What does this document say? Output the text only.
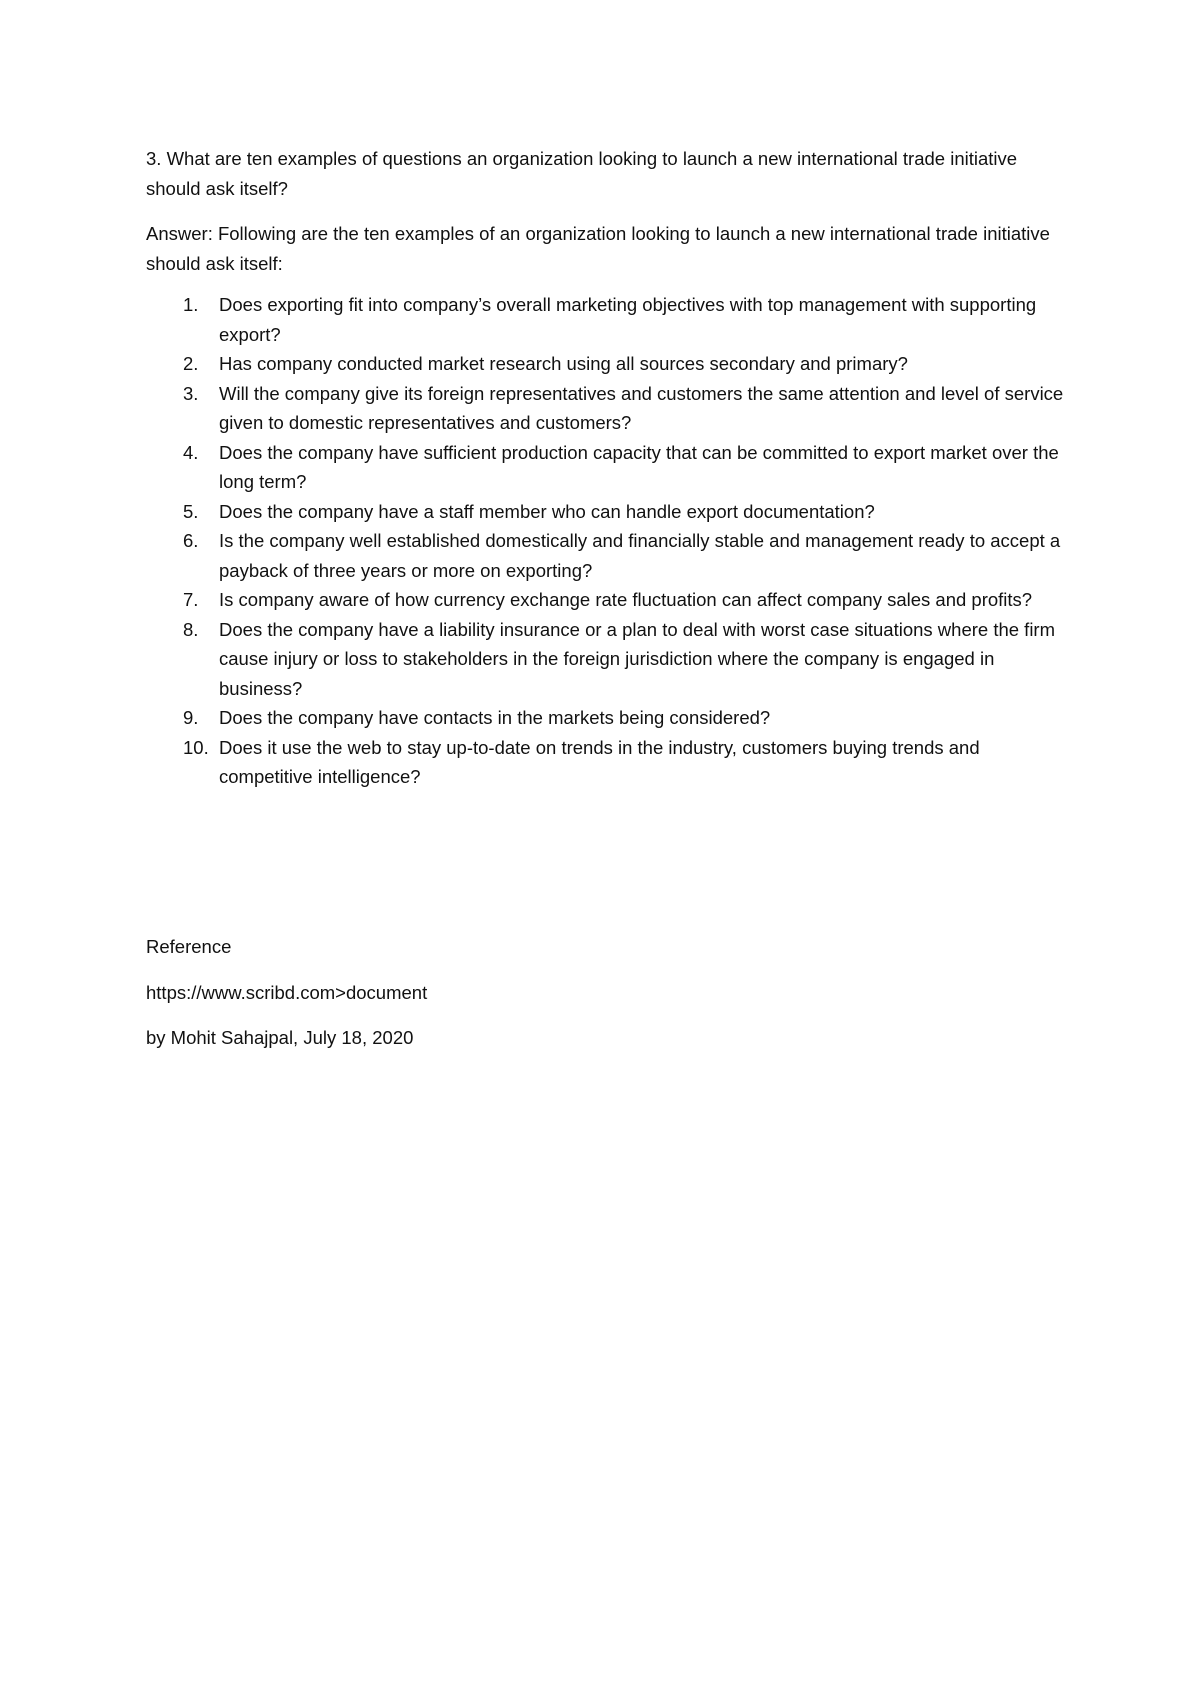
3. What are ten examples of questions an organization looking to launch a new international trade initiative should ask itself?

Answer: Following are the ten examples of an organization looking to launch a new international trade initiative should ask itself:

1.	Does exporting fit into company’s overall marketing objectives with top management with supporting export?
2.	Has company conducted market research using all sources secondary and primary?
3.	Will the company give its foreign representatives and customers the same attention and level of service given to domestic representatives and customers?
4.	Does the company have sufficient production capacity that can be committed to export market over the long term?
5.	Does the company have a staff member who can handle export documentation?
6.	Is the company well established domestically and financially stable and management ready to accept a payback of three years or more on exporting?
7.	Is company aware of how currency exchange rate fluctuation can affect company sales and profits?
8.	Does the company have a liability insurance or a plan to deal with worst case situations where the firm cause injury or loss to stakeholders in the foreign jurisdiction where the company is engaged in business?
9.	Does the company have contacts in the markets being considered?
10. Does it use the web to stay up-to-date on trends in the industry, customers buying trends and competitive intelligence?

Reference

https://www.scribd.com>document

by Mohit Sahajpal, July 18, 2020
